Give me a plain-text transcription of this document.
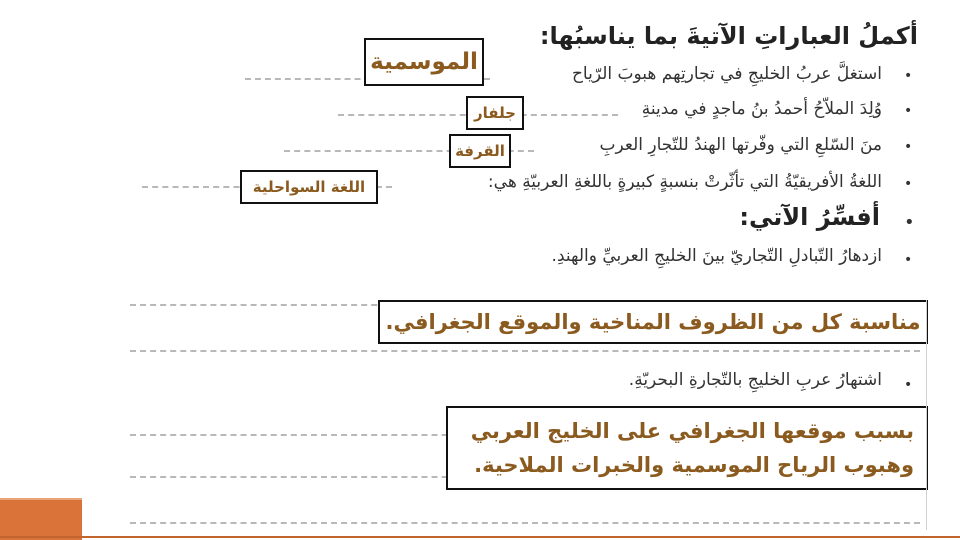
أكملُ العباراتِ الآتيةَ بما يناسبُها:
•
استغلَّ عربُ الخليجِ في تجارتِهم هبوبَ الرّياح
•
وُلِدَ الملاّحُ أحمدُ بنُ ماجدٍ في مدينةِ
•
منَ السّلعِ التي وفّرتها الهندُ للتّجارِ العربِ
•
اللغةُ الأفريقيّةُ التي تأثّرتْ بنسبةٍ كبيرةٍ باللغةِ العربيّةِ هي:
الموسمية
جلفار
القرفة
اللغة السواحلية
•
أفسِّرُ الآتي:
•
ازدهارُ التّبادلِ التّجاريّ بينَ الخليجِ العربيِّ والهندِ.
مناسبة كل من الظروف المناخية والموقع الجغرافي.
•
اشتهارُ عربِ الخليجِ بالتّجارةِ البحريّةِ.
بسبب موقعها الجغرافي على الخليج العربي
وهبوب الرياح الموسمية والخبرات الملاحية.
